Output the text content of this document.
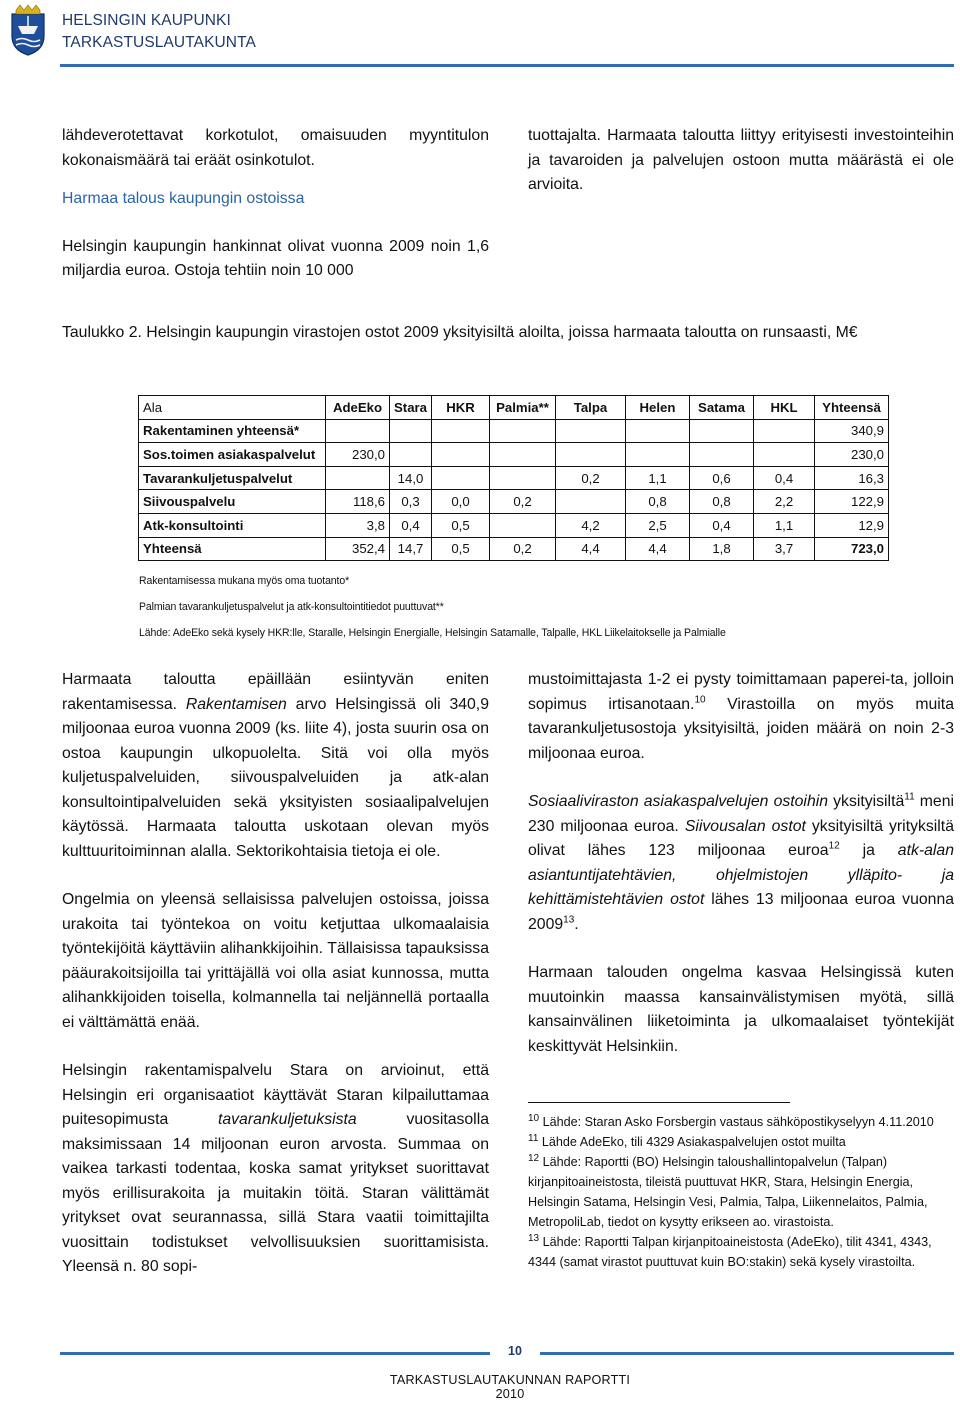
HELSINGIN KAUPUNKI
TARKASTUSLAUTAKUNTA

lähdeverotettavat korkotulot, omaisuuden myyntitulon kokonaismäärä tai eräät osinkotulot.

Harmaa talous kaupungin ostoissa

Helsingin kaupungin hankinnat olivat vuonna 2009 noin 1,6 miljardia euroa. Ostoja tehtiin noin 10 000

tuottajalta. Harmaata taloutta liittyy erityisesti investointeihin ja tavaroiden ja palvelujen ostoon mutta määrästä ei ole arvioita.

Taulukko 2. Helsingin kaupungin virastojen ostot 2009 yksityisiltä aloilta, joissa harmaata taloutta on runsaasti, M€
Ala	AdeEko	Stara	HKR	Palmia**	Talpa	Helen	Satama	HKL	Yhteensä
Rakentaminen yhteensä*									340,9
Sos.toimen asiakaspalvelut	230,0								230,0
Tavarankuljetuspalvelut		14,0			0,2	1,1	0,6	0,4	16,3
Siivouspalvelu	118,6	0,3	0,0	0,2		0,8	0,8	2,2	122,9
Atk-konsultointi	3,8	0,4	0,5		4,2	2,5	0,4	1,1	12,9
Yhteensä	352,4	14,7	0,5	0,2	4,4	4,4	1,8	3,7	723,0
Rakentamisessa mukana myös oma tuotanto*
Palmian tavarankuljetuspalvelut ja atk-konsultointitiedot puuttuvat**
Lähde: AdeEko sekä kysely HKR:lle, Staralle, Helsingin Energialle, Helsingin Satamalle, Talpalle, HKL Liikelaitokselle ja Palmialle

Harmaata taloutta epäillään esiintyvän eniten rakentamisessa. Rakentamisen arvo Helsingissä oli 340,9 miljoonaa euroa vuonna 2009 (ks. liite 4), josta suurin osa on ostoa kaupungin ulkopuolelta. Sitä voi olla myös kuljetuspalveluiden, siivouspalveluiden ja atk-alan konsultointipalveluiden sekä yksityisten sosiaalipalvelujen käytössä. Harmaata taloutta uskotaan olevan myös kulttuuritoiminnan alalla. Sektorikohtaisia tietoja ei ole.

Ongelmia on yleensä sellaisissa palvelujen ostoissa, joissa urakoita tai työntekoa on voitu ketjuttaa ulkomaalaisia työntekijöitä käyttäviin alihankkijoihin. Tällaisissa tapauksissa pääurakoitsijoilla tai yrittäjällä voi olla asiat kunnossa, mutta alihankkijoiden toisella, kolmannella tai neljännellä portaalla ei välttämättä enää.

Helsingin rakentamispalvelu Stara on arvioinut, että Helsingin eri organisaatiot käyttävät Staran kilpailuttamaa puitesopimusta tavarankuljetuksista vuositasolla maksimissaan 14 miljoonan euron arvosta. Summaa on vaikea tarkasti todentaa, koska samat yritykset suorittavat myös erillisurakoita ja muitakin töitä. Staran välittämät yritykset ovat seurannassa, sillä Stara vaatii toimittajilta vuosittain todistukset velvollisuuksien suorittamisista. Yleensä n. 80 sopi-

mustoimittajasta 1-2 ei pysty toimittamaan paperei-ta, jolloin sopimus irtisanotaan.$^{10}$ Virastoilla on myös muita tavarankuljetusostoja yksityisiltä, joiden määrä on noin 2-3 miljoonaa euroa.

Sosiaaliviraston asiakaspalvelujen ostoihin yksityisiltä$^{11}$ meni 230 miljoonaa euroa. Siivousalan ostot yksityisiltä yrityksiltä olivat lähes 123 miljoonaa euroa$^{12}$ ja atk-alan asiantuntijatehtävien, ohjelmistojen ylläpito- ja kehittämistehtävien ostot lähes 13 miljoonaa euroa vuonna 2009$^{13}$.

Harmaan talouden ongelma kasvaa Helsingissä kuten muutoinkin maassa kansainvälistymisen myötä, sillä kansainvälinen liiketoiminta ja ulkomaalaiset työntekijät keskittyvät Helsinkiin.

$^{10}$ Lähde: Staran Asko Forsbergin vastaus sähköpostikyselyyn 4.11.2010
$^{11}$ Lähde AdeEko, tili 4329 Asiakaspalvelujen ostot muilta
$^{12}$ Lähde: Raportti (BO) Helsingin taloushallintopalvelun (Talpan) kirjanpitoaineistosta, tileistä puuttuvat HKR, Stara, Helsingin Energia, Helsingin Satama, Helsingin Vesi, Palmia, Talpa, Liikennelaitos, Palmia, MetropoliLab, tiedot on kysytty erikseen ao. virastoista.
$^{13}$ Lähde: Raportti Talpan kirjanpitoaineistosta (AdeEko), tilit 4341, 4343, 4344 (samat virastot puuttuvat kuin BO:stakin) sekä kysely virastoilta.
10
TARKASTUSLAUTAKUNNAN RAPORTTI 2010
